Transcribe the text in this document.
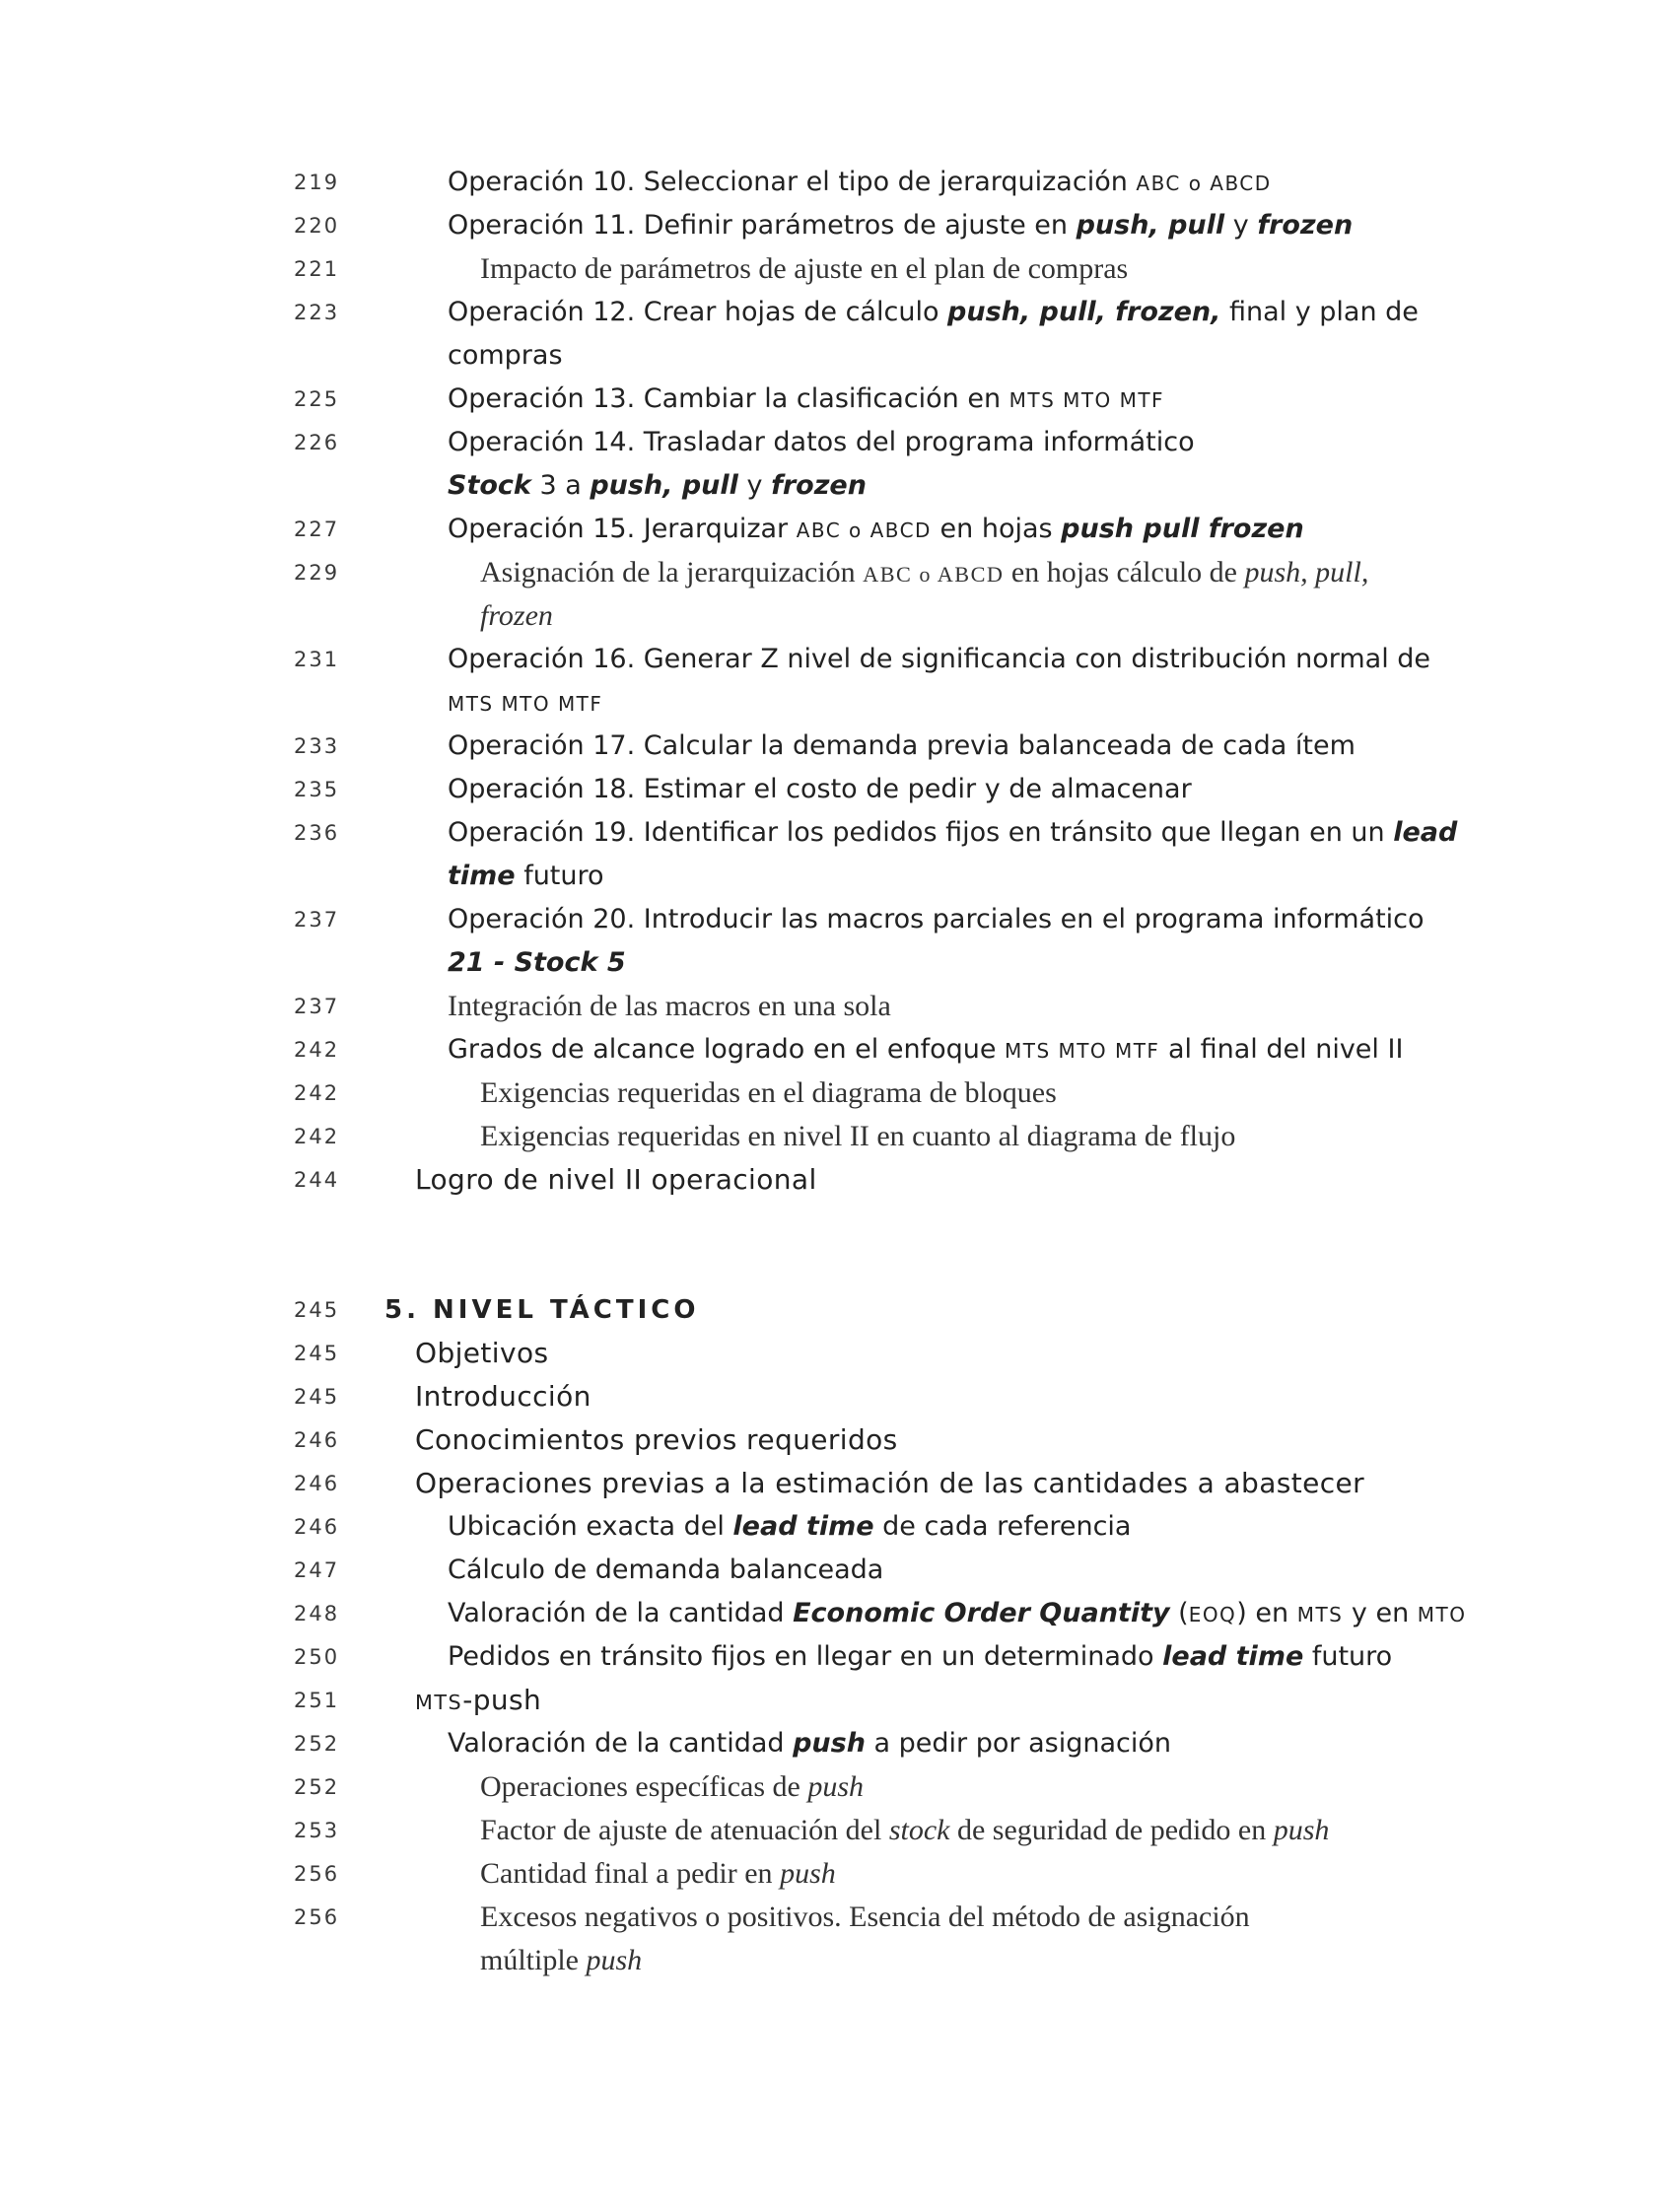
219	Operación 10. Seleccionar el tipo de jerarquización ABC o ABCD
220	Operación 11. Definir parámetros de ajuste en push, pull y frozen
221	Impacto de parámetros de ajuste en el plan de compras
223	Operación 12. Crear hojas de cálculo push, pull, frozen, final y plan de
compras
225	Operación 13. Cambiar la clasificación en MTS MTO MTF
226	Operación 14. Trasladar datos del programa informático
Stock 3 a push, pull y frozen
227	Operación 15. Jerarquizar ABC o ABCD en hojas push pull frozen
229	Asignación de la jerarquización ABC o ABCD en hojas cálculo de push, pull,
frozen
231	Operación 16. Generar Z nivel de significancia con distribución normal de
MTS MTO MTF
233	Operación 17. Calcular la demanda previa balanceada de cada ítem
235	Operación 18. Estimar el costo de pedir y de almacenar
236	Operación 19. Identificar los pedidos fijos en tránsito que llegan en un lead
time futuro
237	Operación 20. Introducir las macros parciales en el programa informático
21 - Stock 5
237	Integración de las macros en una sola
242	Grados de alcance logrado en el enfoque MTS MTO MTF al final del nivel II
242	Exigencias requeridas en el diagrama de bloques
242	Exigencias requeridas en nivel II en cuanto al diagrama de flujo
244	Logro de nivel II operacional
245 5. NIVEL TÁCTICO
245	Objetivos
245	Introducción
246	Conocimientos previos requeridos
246	Operaciones previas a la estimación de las cantidades a abastecer
246	Ubicación exacta del lead time de cada referencia
247	Cálculo de demanda balanceada
248	Valoración de la cantidad Economic Order Quantity (EOQ) en MTS y en MTO
250	Pedidos en tránsito fijos en llegar en un determinado lead time futuro
251	MTS-push
252	Valoración de la cantidad push a pedir por asignación
252	Operaciones específicas de push
253	Factor de ajuste de atenuación del stock de seguridad de pedido en push
256	Cantidad final a pedir en push
256	Excesos negativos o positivos. Esencia del método de asignación
múltiple push
